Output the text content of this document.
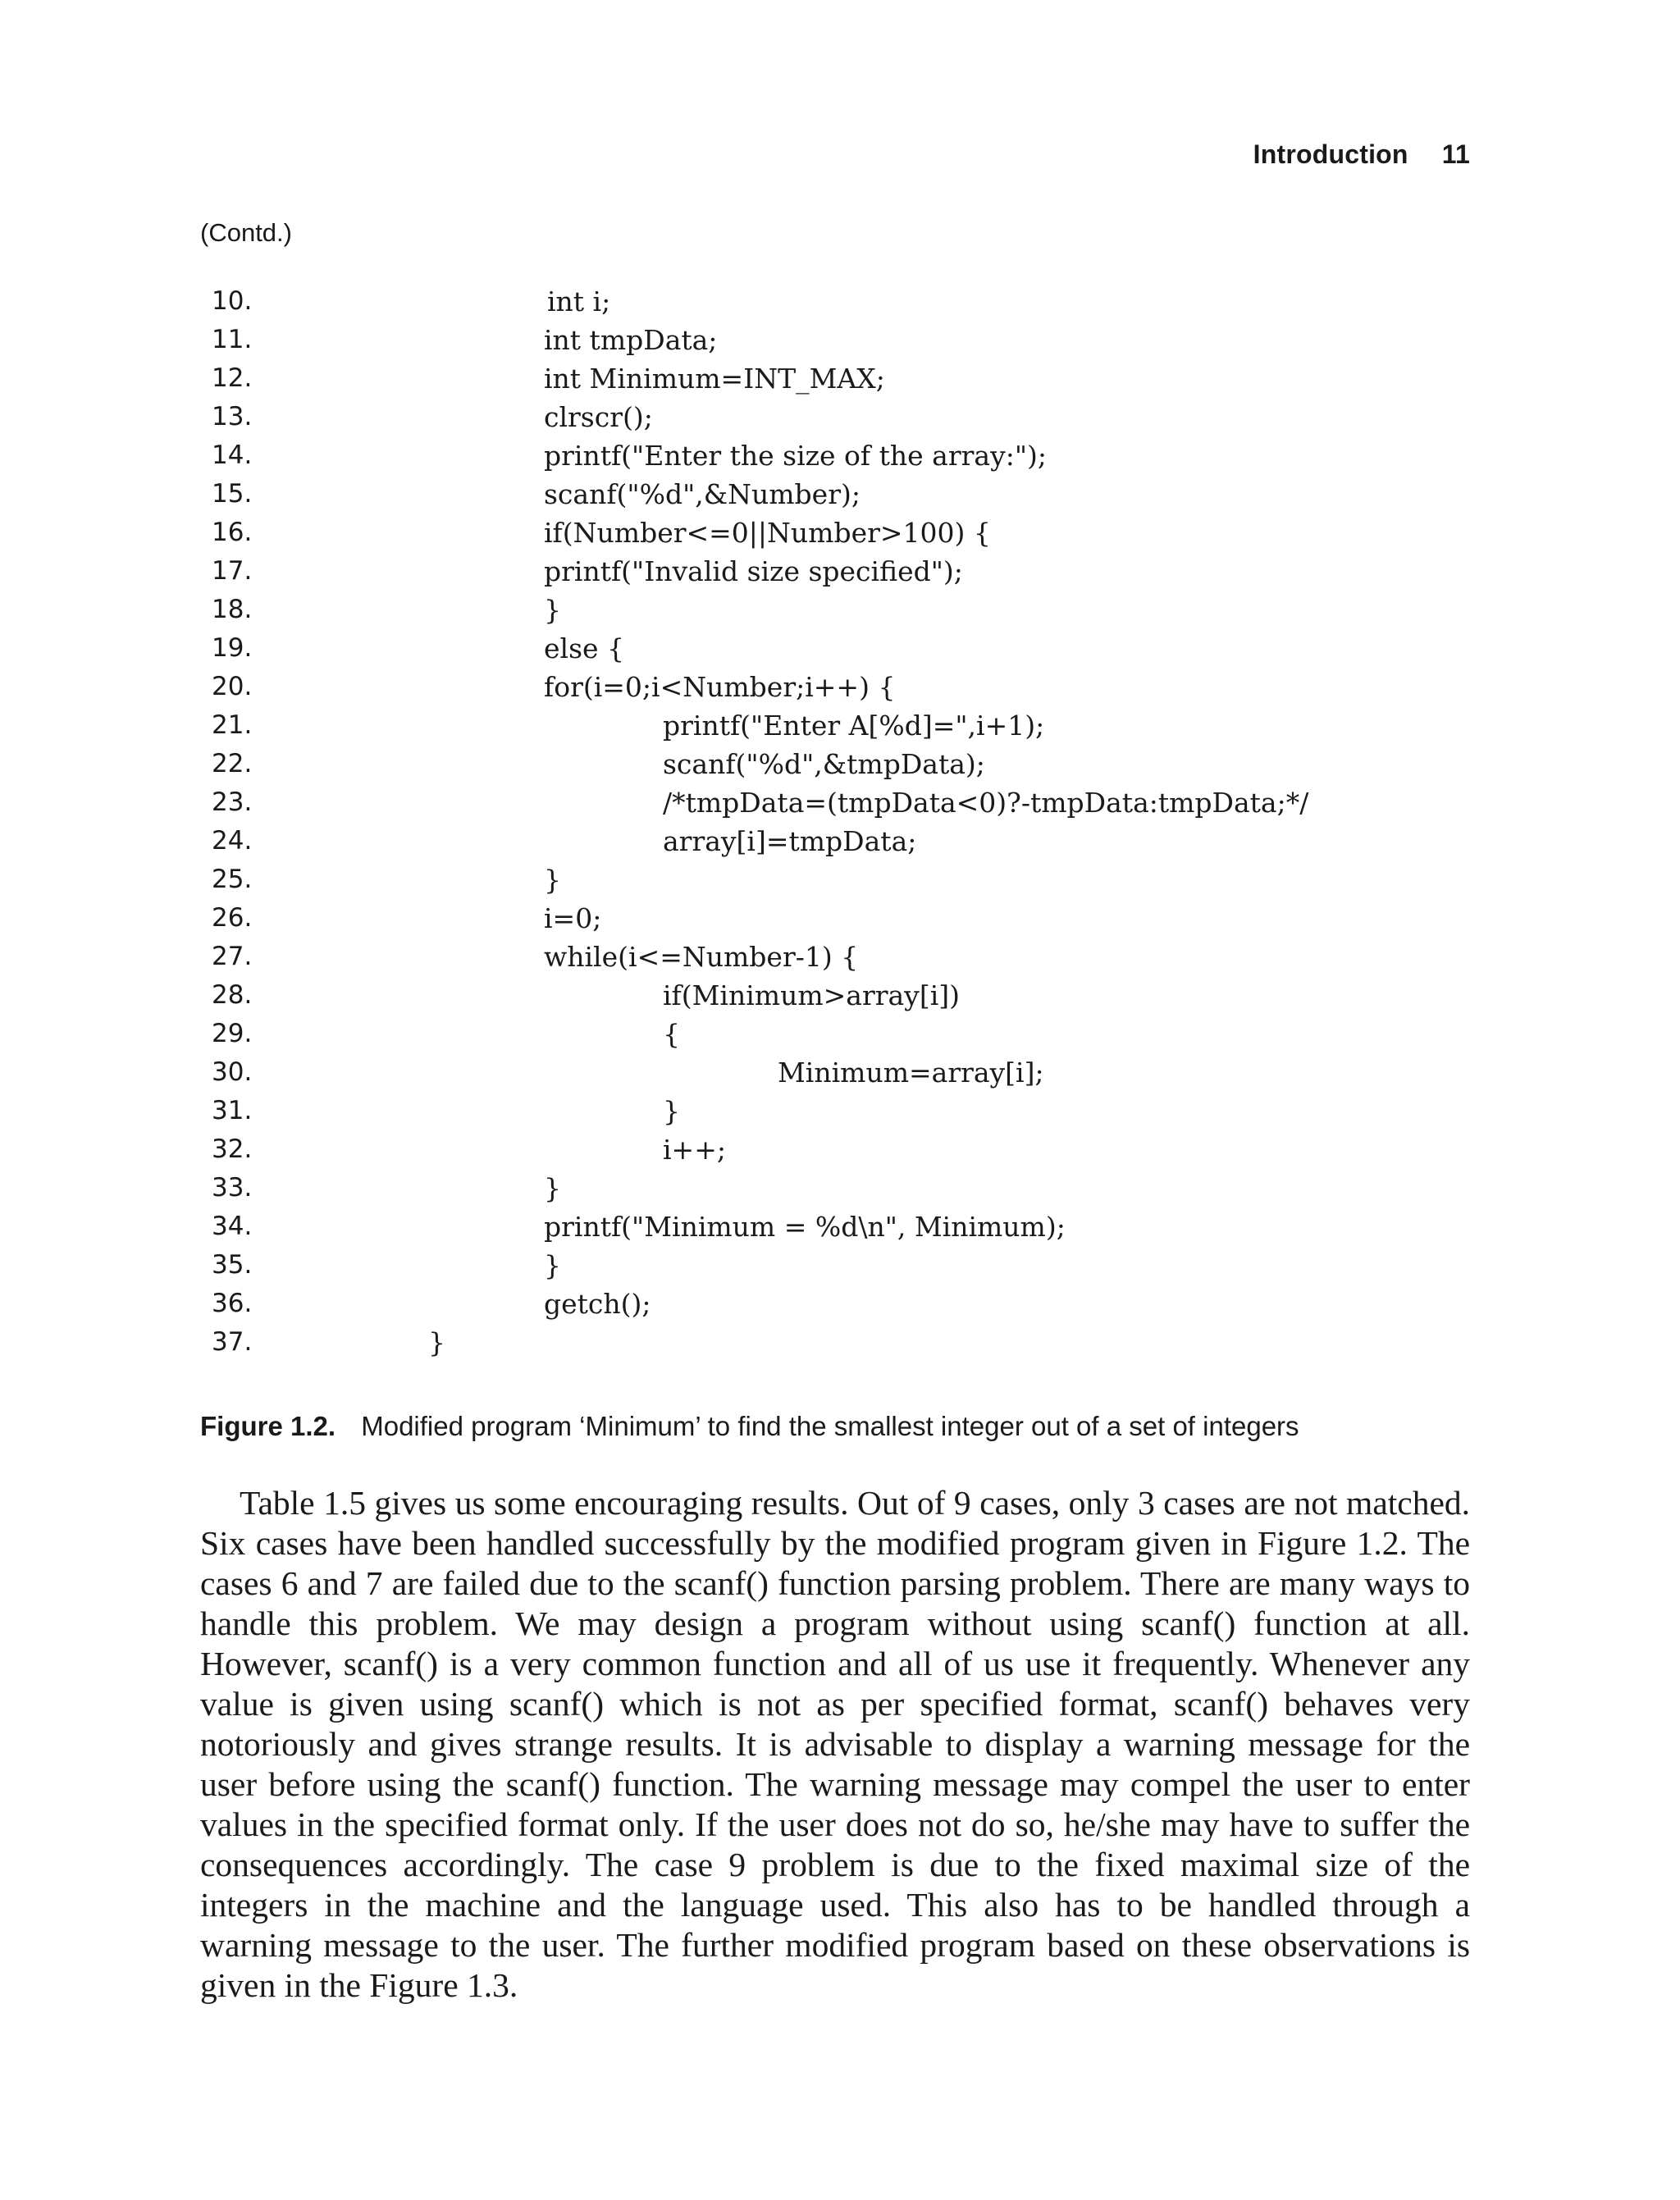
Introduction 11
(Contd.)
10.	int i;
11.	int tmpData;
12.	int Minimum=INT_MAX;
13.	clrscr();
14.	printf("Enter the size of the array:");
15.	scanf("%d",&Number);
16.	if(Number<=0||Number>100) {
17.	printf("Invalid size specified");
18.	}
19.	else {
20.	for(i=0;i<Number;i++) {
21.	printf("Enter A[%d]=",i+1);
22.	scanf("%d",&tmpData);
23.	/*tmpData=(tmpData<0)?-tmpData:tmpData;*/
24.	array[i]=tmpData;
25.	}
26.	i=0;
27.	while(i<=Number-1) {
28.	if(Minimum>array[i])
29.	{
30.	Minimum=array[i];
31.	}
32.	i++;
33.	}
34.	printf("Minimum = %d\n", Minimum);
35.	}
36.	getch();
37.	}
Figure 1.2. Modified program ‘Minimum’ to find the smallest integer out of a set of integers

Table 1.5 gives us some encouraging results. Out of 9 cases, only 3 cases are not matched. Six cases have been handled successfully by the modified program given in Figure 1.2. The cases 6 and 7 are failed due to the scanf() function parsing problem. There are many ways to handle this problem. We may design a program without using scanf() function at all. However, scanf() is a very common function and all of us use it frequently. Whenever any value is given using scanf() which is not as per specified format, scanf() behaves very notoriously and gives strange results. It is advisable to display a warning message for the user before using the scanf() function. The warning message may compel the user to enter values in the specified format only. If the user does not do so, he/she may have to suffer the consequences accordingly. The case 9 problem is due to the fixed maximal size of the integers in the machine and the language used. This also has to be handled through a warning message to the user. The further modified program based on these observations is given in the Figure 1.3.
